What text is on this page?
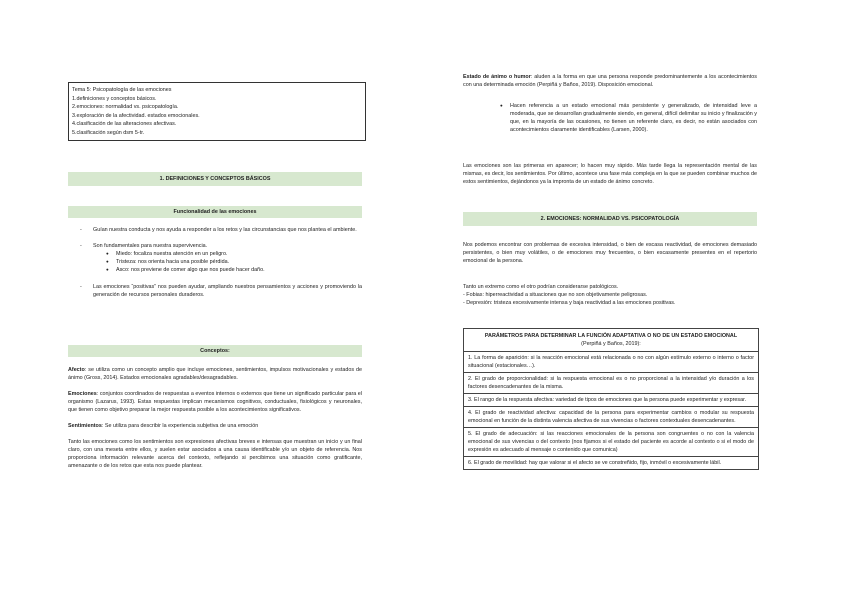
Tema 5: Psicopatología de las emociones
1.definiciones y conceptos básicos.
2.emociones: normalidad vs. psicopatología.
3.exploración de la afectividad. estados emocionales.
4.clasificación de las alteraciones afectivas.
5.clasificación según dsm 5-tr.
1. DEFINICIONES Y CONCEPTOS BÁSICOS
Funcionalidad de las emociones
- Guían nuestra conducta y nos ayuda a responder a los retos y las circunstancias que nos plantea el ambiente.
- Son fundamentales para nuestra supervivencia.
● Miedo: focaliza nuestra atención en un peligro.
● Tristeza: nos orienta hacia una posible pérdida.
● Asco: nos previene de comer algo que nos puede hacer daño.
- Las emociones “positivas” nos pueden ayudar, ampliando nuestros pensamientos y acciones y promoviendo la generación de recursos personales duraderos.
Conceptos:

Afecto: se utiliza como un concepto amplio que incluye emociones, sentimientos, impulsos motivacionales y estados de ánimo (Gross, 2014). Estados emocionales agradables/desagradables.

Emociones: conjuntos coordinados de respuestas a eventos internos o externos que tiene un significado particular para el organismo (Lazarus, 1993). Estas respuestas implican mecanismos cognitivos, conductuales, fisiológicos y neuronales, que tienen como objetivo preparar la mejor respuesta posible a los acontecimientos significativos.

Sentimientos: Se utiliza para describir la experiencia subjetiva de una emoción

Tanto las emociones como los sentimientos son expresiones afectivas breves e intensas que muestran un inicio y un final claro, con una meseta entre ellos, y suelen estar asociados a una causa identificable y/o un objeto de referencia. Nos proporciona información relevante acerca del contexto, reflejando si percibimos una situación como gratificante, amenazante o de los retos que esta nos puede plantear.

Estado de ánimo o humor: aluden a la forma en que una persona responde predominantemente a los acontecimientos con una determinada emoción (Perpiñá y Baños, 2019). Disposición emocional.
● Hacen referencia a un estado emocional más persistente y generalizado, de intensidad leve a moderada, que se desarrollan gradualmente siendo, en general, difícil delimitar su inicio y finalización y que, en la mayoría de las ocasiones, no tienen un referente claro, es decir, no están asociados con acontecimientos claramente identificables (Larsen, 2000).
Las emociones son las primeras en aparecer; lo hacen muy rápido. Más tarde llega la representación mental de las mismas, es decir, los sentimientos. Por último, acontece una fase más compleja en la que se pueden combinar muchos de estos sentimientos, dejándonos ya la impronta de un estado de ánimo concreto.
2. EMOCIONES: NORMALIDAD VS. PSICOPATOLOGÍA
Nos podemos encontrar con problemas de excesiva intensidad, o bien de escasa reactividad, de emociones demasiado persistentes, o bien muy volátiles, o de emociones muy frecuentes, o bien escasamente presentes en el repertorio emocional de la persona.
Tanto un extremo como el otro podrían considerarse patológicos.
- Fobias: hiperreactividad a situaciones que no son objetivamente peligrosas.
- Depresión: tristeza excesivamente intensa y baja reactividad a las emociones positivas.
PARÁMETROS PARA DETERMINAR LA FUNCIÓN ADAPTATIVA O NO DE UN ESTADO EMOCIONAL
(Perpiñá y Baños, 2019):
1. La forma de aparición: si la reacción emocional está relacionada o no con algún estímulo externo o interno o factor situacional (estacionales…).
2. El grado de proporcionalidad: si la respuesta emocional es o no proporcional a la intensidad y/o duración a los factores desencadenantes de la misma.
3. El rango de la respuesta afectiva: variedad de tipos de emociones que la persona puede experimentar y expresar.
4. El grado de reactividad afectiva: capacidad de la persona para experimentar cambios o modular su respuesta emocional en función de la distinta valencia afectiva de sus vivencias o factores contextuales desencadenantes.
5. El grado de adecuación: si las reacciones emocionales de la persona son congruentes o no con la valencia emocional de sus vivencias o del contexto (nos fijamos si el estado del paciente es acorde al contexto o si el modo de expresión es adecuado al mensaje o contenido que comunica)
6. El grado de movilidad: hay que valorar si el afecto se ve constreñido, fijo, inmóvil o excesivamente lábil.
